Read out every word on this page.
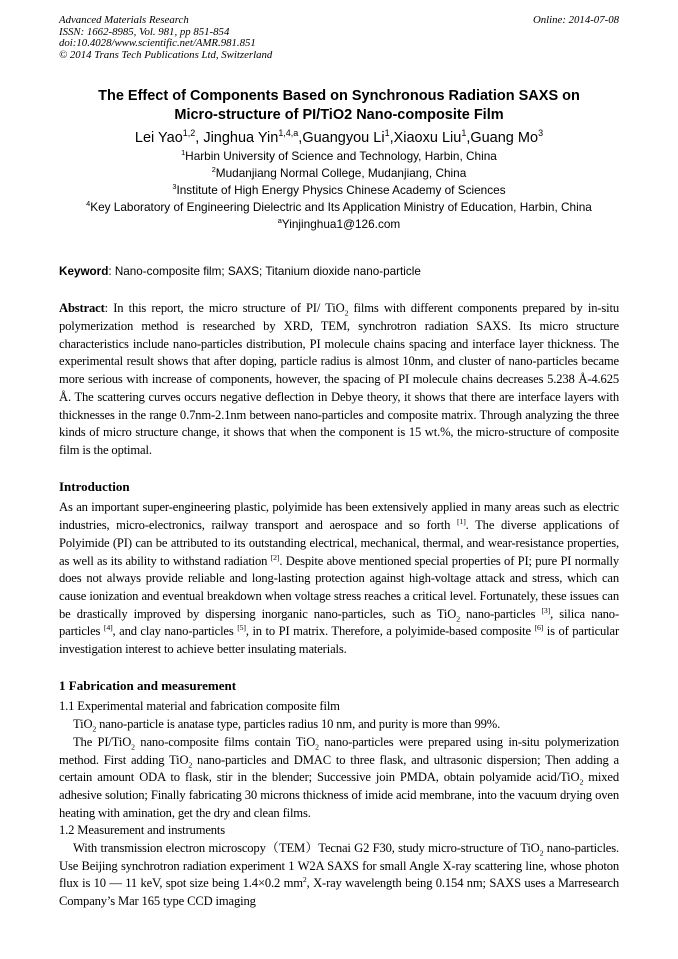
Advanced Materials Research
ISSN: 1662-8985, Vol. 981, pp 851-854
doi:10.4028/www.scientific.net/AMR.981.851
© 2014 Trans Tech Publications Ltd, Switzerland
Online: 2014-07-08
The Effect of Components Based on Synchronous Radiation SAXS on
Micro-structure of PI/TiO2 Nano-composite Film
Lei Yao$^{1,2}$, Jinghua Yin$^{1,4,a}$,Guangyou Li$^1$,Xiaoxu Liu$^1$,Guang Mo$^3$
$^1$Harbin University of Science and Technology, Harbin, China
$^2$Mudanjiang Normal College, Mudanjiang, China
$^3$Institute of High Energy Physics Chinese Academy of Sciences
$^4$Key Laboratory of Engineering Dielectric and Its Application Ministry of Education, Harbin, China
$^a$Yinjinghua1@126.com

Keyword: Nano-composite film; SAXS; Titanium dioxide nano-particle

Abstract: In this report, the micro structure of PI/ TiO$_2$ films with different components prepared by in-situ polymerization method is researched by XRD, TEM, synchrotron radiation SAXS. Its micro structure characteristics include nano-particles distribution, PI molecule chains spacing and interface layer thickness. The experimental result shows that after doping, particle radius is almost 10nm, and cluster of nano-particles became more serious with increase of components, however, the spacing of PI molecule chains decreases 5.238 Å-4.625 Å. The scattering curves occurs negative deflection in Debye theory, it shows that there are interface layers with thicknesses in the range 0.7nm-2.1nm between nano-particles and composite matrix. Through analyzing the three kinds of micro structure change, it shows that when the component is 15 wt.%, the micro-structure of composite film is the optimal.

Introduction

As an important super-engineering plastic, polyimide has been extensively applied in many areas such as electric industries, micro-electronics, railway transport and aerospace and so forth [1]. The diverse applications of Polyimide (PI) can be attributed to its outstanding electrical, mechanical, thermal, and wear-resistance properties, as well as its ability to withstand radiation [2]. Despite above mentioned special properties of PI; pure PI normally does not always provide reliable and long-lasting protection against high-voltage attack and stress, which can cause ionization and eventual breakdown when voltage stress reaches a critical level. Fortunately, these issues can be drastically improved by dispersing inorganic nano-particles, such as TiO$_2$ nano-particles [3], silica nano-particles [4], and clay nano-particles [5], in to PI matrix. Therefore, a polyimide-based composite [6] is of particular investigation interest to achieve better insulating materials.

1 Fabrication and measurement
1.1 Experimental material and fabrication composite film

TiO$_2$ nano-particle is anatase type, particles radius 10 nm, and purity is more than 99%.

The PI/TiO$_2$ nano-composite films contain TiO$_2$ nano-particles were prepared using in-situ polymerization method. First adding TiO$_2$ nano-particles and DMAC to three flask, and ultrasonic dispersion; Then adding a certain amount ODA to flask, stir in the blender; Successive join PMDA, obtain polyamide acid/TiO$_2$ mixed adhesive solution; Finally fabricating 30 microns thickness of imide acid membrane, into the vacuum drying oven heating with amination, get the dry and clean films.

1.2 Measurement and instruments

With transmission electron microscopy（TEM）Tecnai G2 F30, study micro-structure of TiO$_2$ nano-particles. Use Beijing synchrotron radiation experiment 1 W2A SAXS for small Angle X-ray scattering line, whose photon flux is 10 — 11 keV, spot size being 1.4×0.2 $mm^2$, X-ray wavelength being 0.154 nm; SAXS uses a Marresearch Company’s Mar 165 type CCD imaging
